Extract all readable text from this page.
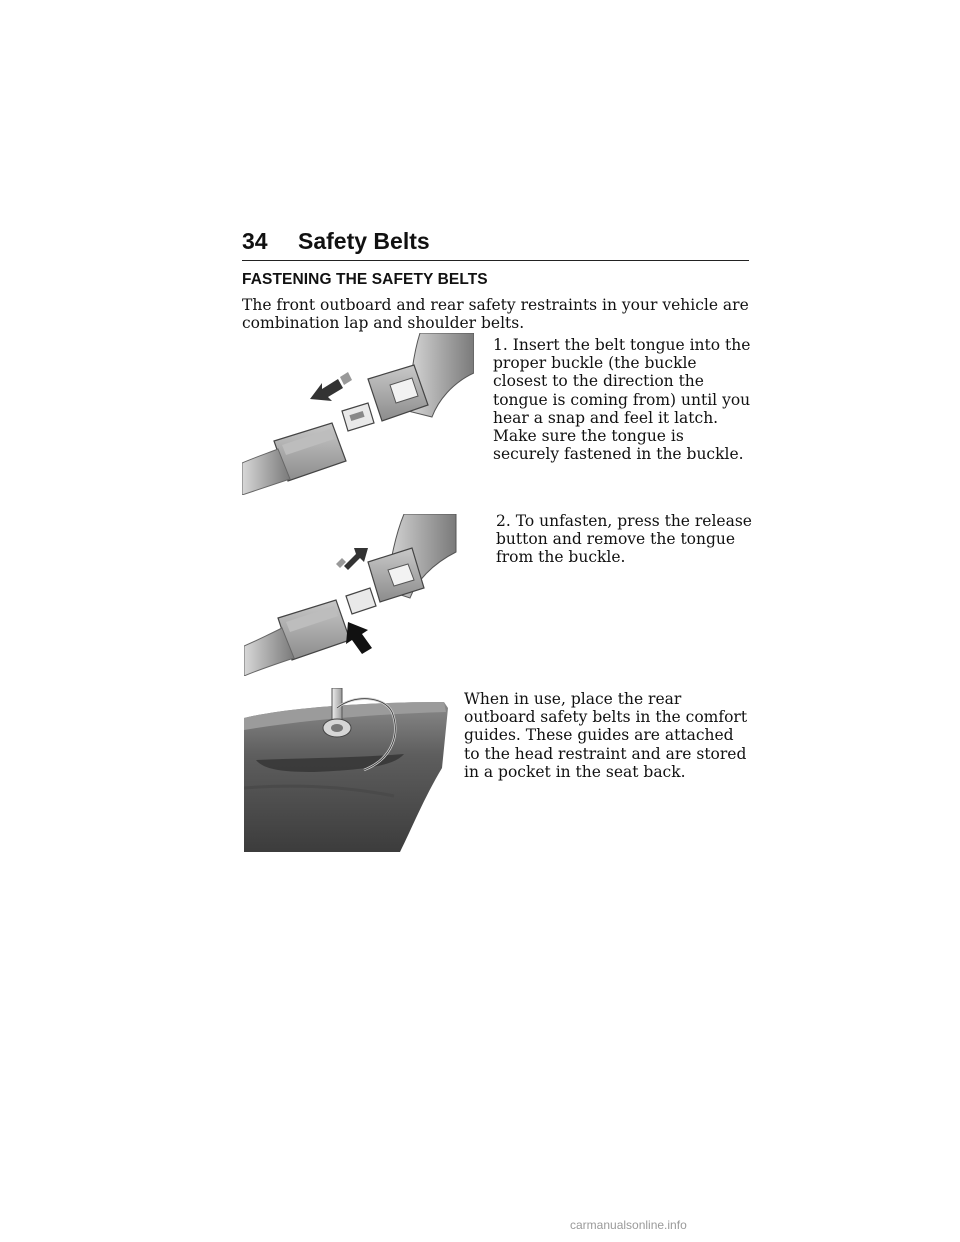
34 Safety Belts
FASTENING THE SAFETY BELTS
The front outboard and rear safety restraints in your vehicle are combination lap and shoulder belts.
1. Insert the belt tongue into the proper buckle (the buckle closest to the direction the tongue is coming from) until you hear a snap and feel it latch. Make sure the tongue is securely fastened in the buckle.
2. To unfasten, press the release button and remove the tongue from the buckle.
When in use, place the rear outboard safety belts in the comfort guides. These guides are attached to the head restraint and are stored in a pocket in the seat back.
carmanualsonline.info
